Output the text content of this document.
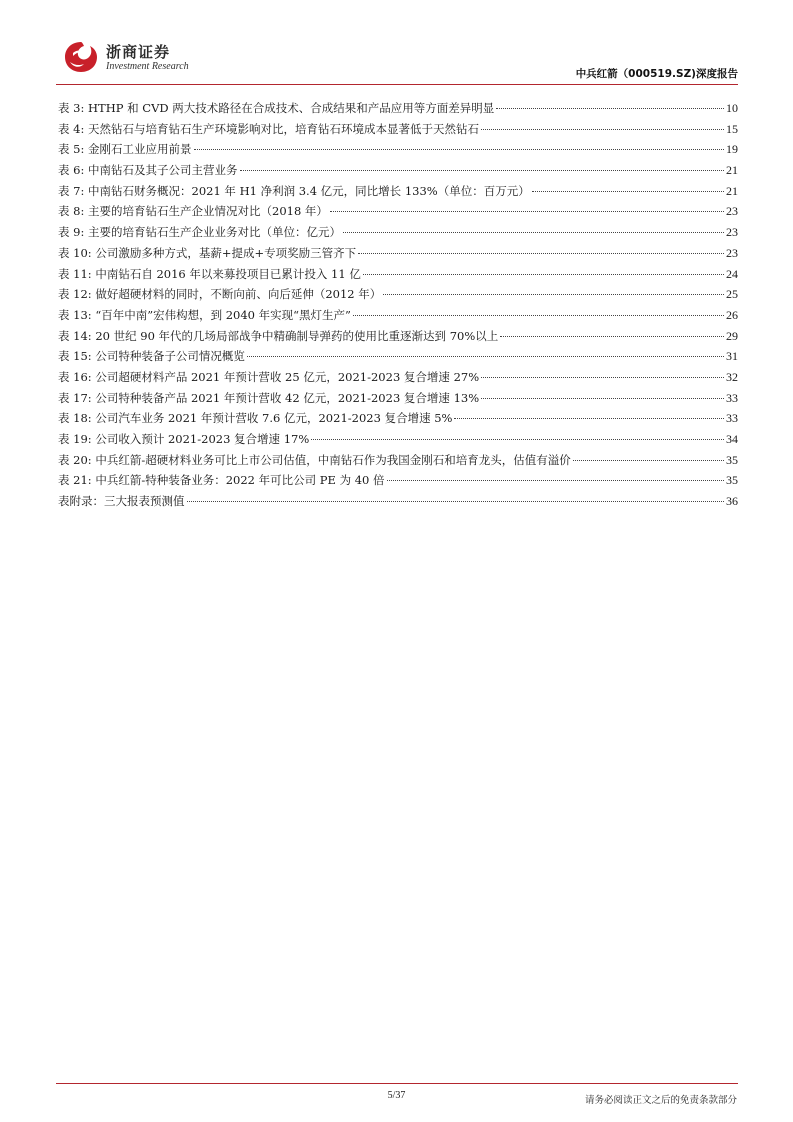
浙商证券
Investment Research
中兵红箭（000519.SZ)深度报告
表 3: HTHP 和 CVD 两大技术路径在合成技术、合成结果和产品应用等方面差异明显	10
表 4: 天然钻石与培育钻石生产环境影响对比，培育钻石环境成本显著低于天然钻石	15
表 5: 金刚石工业应用前景	19
表 6: 中南钻石及其子公司主营业务	21
表 7: 中南钻石财务概况：2021 年 H1 净利润 3.4 亿元，同比增长 133%（单位：百万元）	21
表 8: 主要的培育钻石生产企业情况对比（2018 年）	23
表 9: 主要的培育钻石生产企业业务对比（单位：亿元）	23
表 10: 公司激励多种方式，基薪+提成+专项奖励三管齐下	23
表 11: 中南钻石自 2016 年以来募投项目已累计投入 11 亿	24
表 12: 做好超硬材料的同时，不断向前、向后延伸（2012 年）	25
表 13: “百年中南”宏伟构想，到 2040 年实现“黑灯生产”	26
表 14: 20 世纪 90 年代的几场局部战争中精确制导弹药的使用比重逐渐达到 70%以上	29
表 15: 公司特种装备子公司情况概览	31
表 16: 公司超硬材料产品 2021 年预计营收 25 亿元，2021-2023 复合增速 27%	32
表 17: 公司特种装备产品 2021 年预计营收 42 亿元，2021-2023 复合增速 13%	33
表 18: 公司汽车业务 2021 年预计营收 7.6 亿元，2021-2023 复合增速 5%	33
表 19: 公司收入预计 2021-2023 复合增速 17%	34
表 20: 中兵红箭-超硬材料业务可比上市公司估值，中南钻石作为我国金刚石和培育龙头，估值有溢价	35
表 21: 中兵红箭-特种装备业务：2022 年可比公司 PE 为 40 倍	35
表附录：三大报表预测值	36
5/37	请务必阅读正文之后的免责条款部分
